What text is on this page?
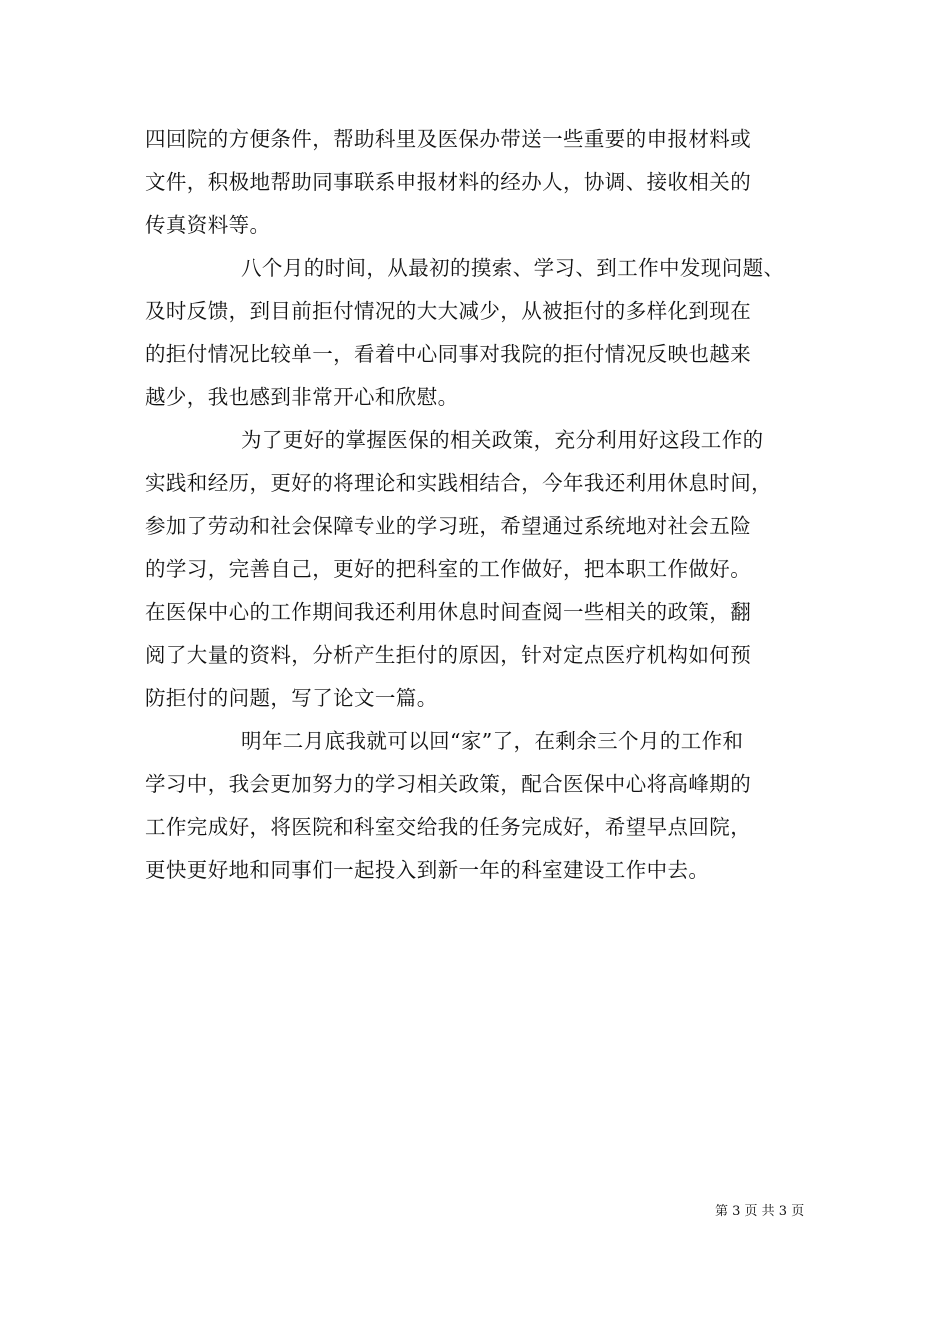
四回院的方便条件，帮助科里及医保办带送一些重要的申报材料或
文件，积极地帮助同事联系申报材料的经办人，协调、接收相关的
传真资料等。
八个月的时间，从最初的摸索、学习、到工作中发现问题、
及时反馈，到目前拒付情况的大大减少，从被拒付的多样化到现在
的拒付情况比较单一，看着中心同事对我院的拒付情况反映也越来
越少，我也感到非常开心和欣慰。
为了更好的掌握医保的相关政策，充分利用好这段工作的
实践和经历，更好的将理论和实践相结合，今年我还利用休息时间，
参加了劳动和社会保障专业的学习班，希望通过系统地对社会五险
的学习，完善自己，更好的把科室的工作做好，把本职工作做好。
在医保中心的工作期间我还利用休息时间查阅一些相关的政策，翻
阅了大量的资料，分析产生拒付的原因，针对定点医疗机构如何预
防拒付的问题，写了论文一篇。
明年二月底我就可以回“家”了，在剩余三个月的工作和
学习中，我会更加努力的学习相关政策，配合医保中心将高峰期的
工作完成好，将医院和科室交给我的任务完成好，希望早点回院，
更快更好地和同事们一起投入到新一年的科室建设工作中去。
第 3 页 共 3 页
